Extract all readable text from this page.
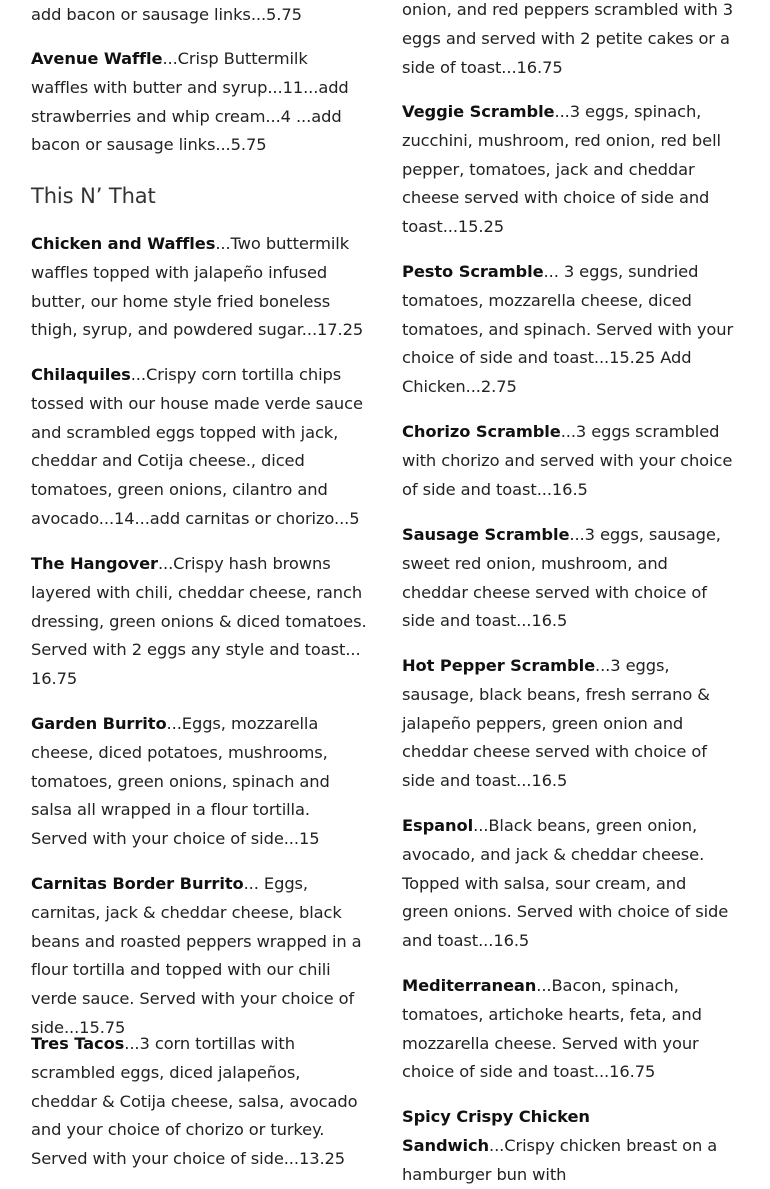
add bacon or sausage links...5.75

Avenue Waffle...Crisp Buttermilk waffles with butter and syrup...11...add strawberries and whip cream...4 ...add bacon or sausage links...5.75

This N’ That

Chicken and Waffles...Two buttermilk waffles topped with jalapeño infused butter, our home style fried boneless thigh, syrup, and powdered sugar...17.25

Chilaquiles...Crispy corn tortilla chips tossed with our house made verde sauce and scrambled eggs topped with jack, cheddar and Cotija cheese., diced tomatoes, green onions, cilantro and avocado...14...add carnitas or chorizo...5

The Hangover...Crispy hash browns layered with chili, cheddar cheese, ranch dressing, green onions & diced tomatoes. Served with 2 eggs any style and toast... 16.75

Garden Burrito...Eggs, mozzarella cheese, diced potatoes, mushrooms, tomatoes, green onions, spinach and salsa all wrapped in a flour tortilla. Served with your choice of side...15

Carnitas Border Burrito... Eggs, carnitas, jack & cheddar cheese, black beans and roasted peppers wrapped in a flour tortilla and topped with our chili verde sauce. Served with your choice of side...15.75

Tres Tacos...3 corn tortillas with scrambled eggs, diced jalapeños, cheddar & Cotija cheese, salsa, avocado and your choice of chorizo or turkey. Served with your choice of side...13.25

onion, and red peppers scrambled with 3 eggs and served with 2 petite cakes or a side of toast...16.75

Veggie Scramble...3 eggs, spinach, zucchini, mushroom, red onion, red bell pepper, tomatoes, jack and cheddar cheese served with choice of side and toast...15.25

Pesto Scramble... 3 eggs, sundried tomatoes, mozzarella cheese, diced tomatoes, and spinach. Served with your choice of side and toast...15.25 Add Chicken...2.75

Chorizo Scramble...3 eggs scrambled with chorizo and served with your choice of side and toast...16.5

Sausage Scramble...3 eggs, sausage, sweet red onion, mushroom, and cheddar cheese served with choice of side and toast...16.5

Hot Pepper Scramble...3 eggs, sausage, black beans, fresh serrano & jalapeño peppers, green onion and cheddar cheese served with choice of side and toast...16.5

Espanol...Black beans, green onion, avocado, and jack & cheddar cheese. Topped with salsa, sour cream, and green onions. Served with choice of side and toast...16.5

Mediterranean...Bacon, spinach, tomatoes, artichoke hearts, feta, and mozzarella cheese. Served with your choice of side and toast...16.75

Spicy Crispy Chicken Sandwich...Crispy chicken breast on a hamburger bun with
